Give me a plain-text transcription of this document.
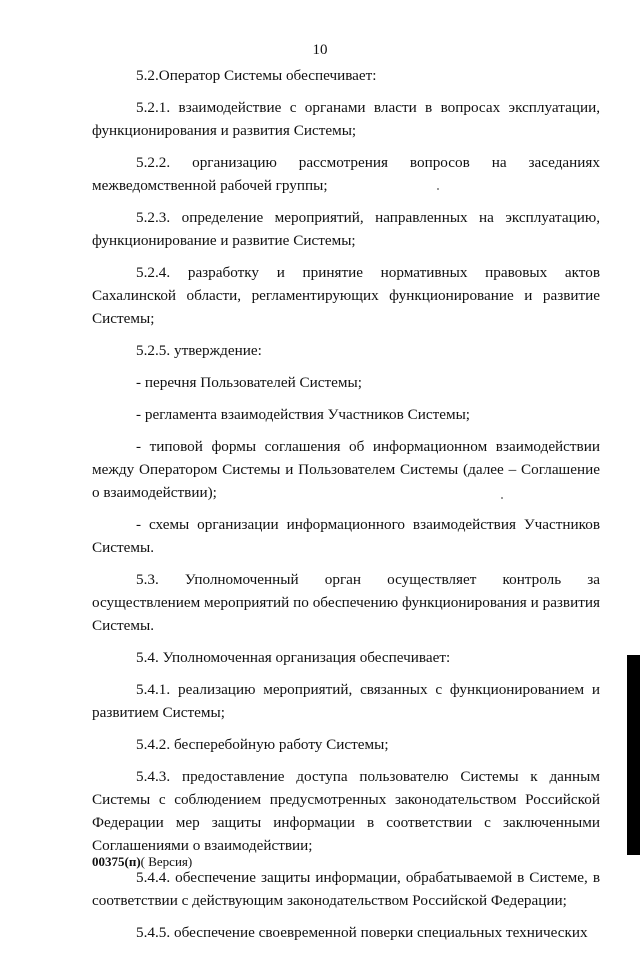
10

5.2.Оператор Системы обеспечивает:

5.2.1. взаимодействие с органами власти в вопросах эксплуатации, функционирования и развития Системы;

5.2.2. организацию рассмотрения вопросов на заседаниях межведомственной рабочей группы;

5.2.3. определение мероприятий, направленных на эксплуатацию, функционирование и развитие Системы;

5.2.4. разработку и принятие нормативных правовых актов Сахалинской области, регламентирующих функционирование и развитие Системы;

5.2.5. утверждение:

- перечня Пользователей Системы;

- регламента взаимодействия Участников Системы;

- типовой формы соглашения об информационном взаимодействии между Оператором Системы и Пользователем Системы (далее – Соглашение о взаимодействии);

- схемы организации информационного взаимодействия Участников Системы.

5.3. Уполномоченный орган осуществляет контроль за осуществлением мероприятий по обеспечению функционирования и развития Системы.

5.4. Уполномоченная организация обеспечивает:

5.4.1. реализацию мероприятий, связанных с функционированием и развитием Системы;

5.4.2. бесперебойную работу Системы;

5.4.3. предоставление доступа пользователю Системы к данным Системы с соблюдением предусмотренных законодательством Российской Федерации мер защиты информации в соответствии с заключенными Соглашениями о взаимодействии;

5.4.4. обеспечение защиты информации, обрабатываемой в Системе, в соответствии с действующим законодательством Российской Федерации;

5.4.5. обеспечение своевременной поверки специальных технических

00375(п)( Версия)
